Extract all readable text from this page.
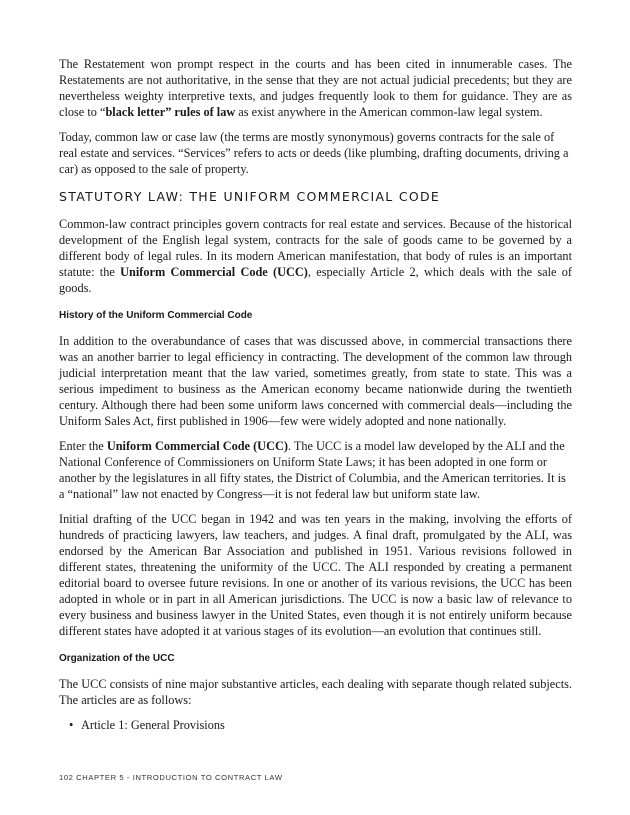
The Restatement won prompt respect in the courts and has been cited in innumerable cases. The Restatements are not authoritative, in the sense that they are not actual judicial precedents; but they are nevertheless weighty interpretive texts, and judges frequently look to them for guidance. They are as close to “black letter” rules of law as exist anywhere in the American common-law legal system.

Today, common law or case law (the terms are mostly synonymous) governs contracts for the sale of real estate and services. “Services” refers to acts or deeds (like plumbing, drafting documents, driving a car) as opposed to the sale of property.

STATUTORY LAW: THE UNIFORM COMMERCIAL CODE

Common-law contract principles govern contracts for real estate and services. Because of the historical development of the English legal system, contracts for the sale of goods came to be governed by a different body of legal rules. In its modern American manifestation, that body of rules is an important statute: the Uniform Commercial Code (UCC), especially Article 2, which deals with the sale of goods.

History of the Uniform Commercial Code

In addition to the overabundance of cases that was discussed above, in commercial transactions there was an another barrier to legal efficiency in contracting. The development of the common law through judicial interpretation meant that the law varied, sometimes greatly, from state to state. This was a serious impediment to business as the American economy became nationwide during the twentieth century. Although there had been some uniform laws concerned with commercial deals—including the Uniform Sales Act, first published in 1906—few were widely adopted and none nationally.

Enter the Uniform Commercial Code (UCC). The UCC is a model law developed by the ALI and the National Conference of Commissioners on Uniform State Laws; it has been adopted in one form or another by the legislatures in all fifty states, the District of Columbia, and the American territories. It is a “national” law not enacted by Congress—it is not federal law but uniform state law.

Initial drafting of the UCC began in 1942 and was ten years in the making, involving the efforts of hundreds of practicing lawyers, law teachers, and judges. A final draft, promulgated by the ALI, was endorsed by the American Bar Association and published in 1951. Various revisions followed in different states, threatening the uniformity of the UCC. The ALI responded by creating a permanent editorial board to oversee future revisions. In one or another of its various revisions, the UCC has been adopted in whole or in part in all American jurisdictions. The UCC is now a basic law of relevance to every business and business lawyer in the United States, even though it is not entirely uniform because different states have adopted it at various stages of its evolution—an evolution that continues still.

Organization of the UCC

The UCC consists of nine major substantive articles, each dealing with separate though related subjects. The articles are as follows:

• Article 1: General Provisions
102 CHAPTER 5 - INTRODUCTION TO CONTRACT LAW
